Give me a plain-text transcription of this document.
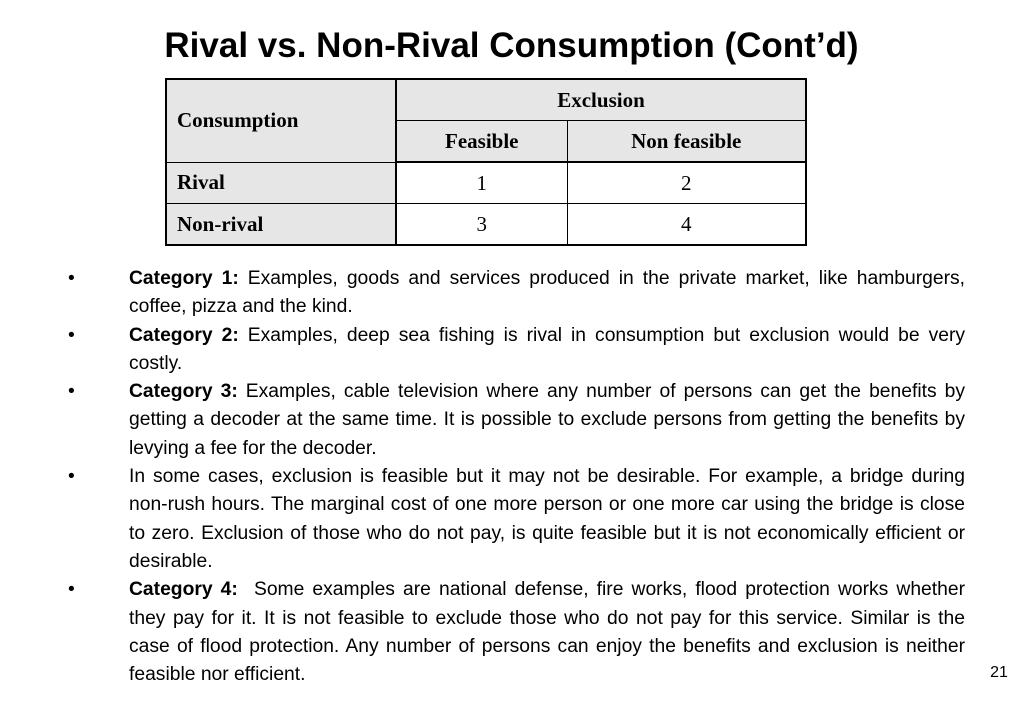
Rival vs. Non-Rival Consumption (Cont’d)
Consumption	Exclusion	
	Feasible	Non feasible
Rival	1	2
Non-rival	3	4
•	Category 1: Examples, goods and services produced in the private market, like hamburgers, coffee, pizza and the kind.
•	Category 2: Examples, deep sea fishing is rival in consumption but exclusion would be very costly.
•	Category 3: Examples, cable television where any number of persons can get the benefits by getting a decoder at the same time. It is possible to exclude persons from getting the benefits by levying a fee for the decoder.
•	In some cases, exclusion is feasible but it may not be desirable. For example, a bridge during non-rush hours. The marginal cost of one more person or one more car using the bridge is close to zero. Exclusion of those who do not pay, is quite feasible but it is not economically efficient or desirable.
•	Category 4:  Some examples are national defense, fire works, flood protection works whether they pay for it. It is not feasible to exclude those who do not pay for this service. Similar is the case of flood protection. Any number of persons can enjoy the benefits and exclusion is neither feasible nor efficient.	21
